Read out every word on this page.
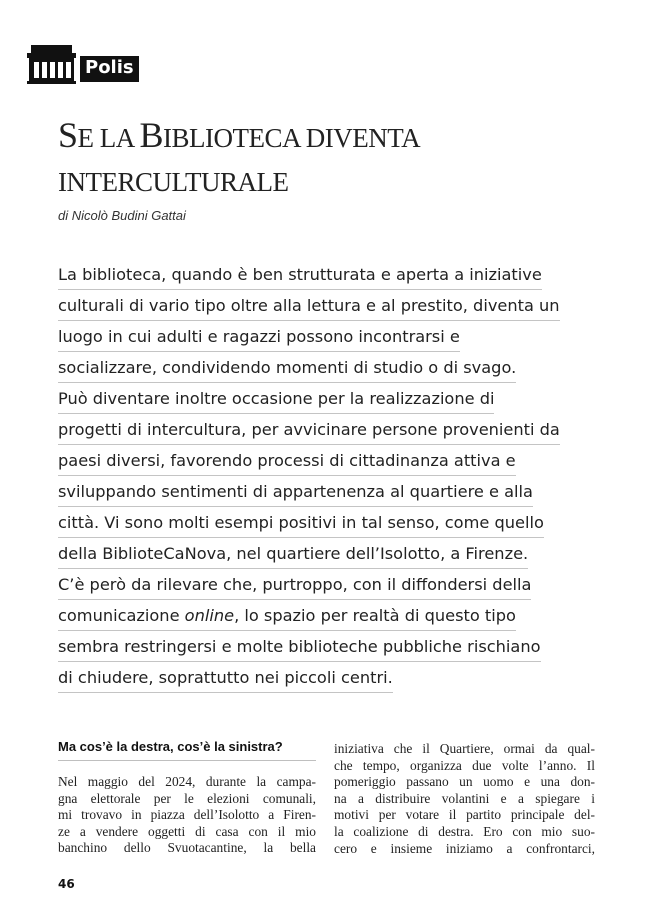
Polis
SE LA BIBLIOTECA DIVENTA
INTERCULTURALE
di Nicolò Budini Gattai
La biblioteca, quando è ben strutturata e aperta a iniziative
culturali di vario tipo oltre alla lettura e al prestito, diventa un
luogo in cui adulti e ragazzi possono incontrarsi e
socializzare, condividendo momenti di studio o di svago.
Può diventare inoltre occasione per la realizzazione di
progetti di intercultura, per avvicinare persone provenienti da
paesi diversi, favorendo processi di cittadinanza attiva e
sviluppando sentimenti di appartenenza al quartiere e alla
città. Vi sono molti esempi positivi in tal senso, come quello
della BiblioteCaNova, nel quartiere dell’Isolotto, a Firenze.
C’è però da rilevare che, purtroppo, con il diffondersi della
comunicazione online, lo spazio per realtà di questo tipo
sembra restringersi e molte biblioteche pubbliche rischiano
di chiudere, soprattutto nei piccoli centri.
Ma cos’è la destra, cos’è la sinistra?
Nel maggio del 2024, durante la campa-
gna elettorale per le elezioni comunali,
mi trovavo in piazza dell’Isolotto a Firen-
ze a vendere oggetti di casa con il mio
banchino dello Svuotacantine, la bella
iniziativa che il Quartiere, ormai da qual-
che tempo, organizza due volte l’anno. Il
pomeriggio passano un uomo e una don-
na a distribuire volantini e a spiegare i
motivi per votare il partito principale del-
la coalizione di destra. Ero con mio suo-
cero e insieme iniziamo a confrontarci,
46
